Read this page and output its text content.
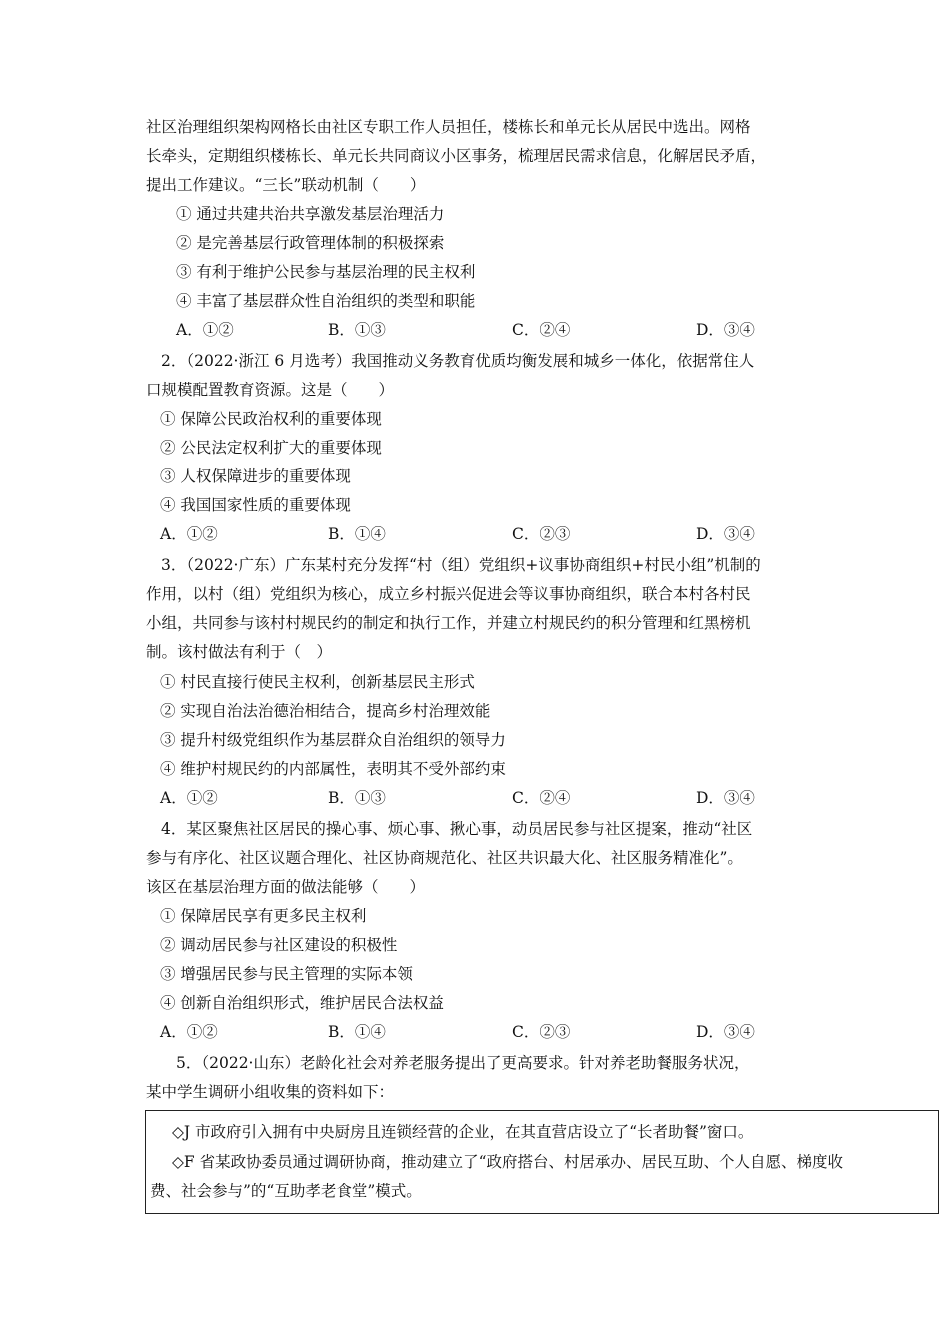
社区治理组织架构网格长由社区专职工作人员担任，楼栋长和单元长从居民中选出。网格
长牵头，定期组织楼栋长、单元长共同商议小区事务，梳理居民需求信息，化解居民矛盾，
提出工作建议。“三长”联动机制（　　）
① 通过共建共治共享激发基层治理活力
② 是完善基层行政管理体制的积极探索
③ 有利于维护公民参与基层治理的民主权利
④ 丰富了基层群众性自治组织的类型和职能
A．①②	B．①③	C．②④	D．③④
2．（2022·浙江 6 月选考）我国推动义务教育优质均衡发展和城乡一体化，依据常住人
口规模配置教育资源。这是（　　）
① 保障公民政治权利的重要体现
② 公民法定权利扩大的重要体现
③ 人权保障进步的重要体现
④ 我国国家性质的重要体现
A．①②	B．①④	C．②③	D．③④
3．（2022·广东）广东某村充分发挥“村（组）党组织+议事协商组织+村民小组”机制的
作用，以村（组）党组织为核心，成立乡村振兴促进会等议事协商组织，联合本村各村民
小组，共同参与该村村规民约的制定和执行工作，并建立村规民约的积分管理和红黑榜机
制。该村做法有利于（　）
① 村民直接行使民主权利，创新基层民主形式
② 实现自治法治德治相结合，提高乡村治理效能
③ 提升村级党组织作为基层群众自治组织的领导力
④ 维护村规民约的内部属性，表明其不受外部约束
A．①②	B．①③	C．②④	D．③④
4．某区聚焦社区居民的操心事、烦心事、揪心事，动员居民参与社区提案，推动“社区
参与有序化、社区议题合理化、社区协商规范化、社区共识最大化、社区服务精准化”。
该区在基层治理方面的做法能够（　　）
① 保障居民享有更多民主权利
② 调动居民参与社区建设的积极性
③ 增强居民参与民主管理的实际本领
④ 创新自治组织形式，维护居民合法权益
A．①②	B．①④	C．②③	D．③④
5．（2022·山东）老龄化社会对养老服务提出了更高要求。针对养老助餐服务状况，
某中学生调研小组收集的资料如下：
◇J 市政府引入拥有中央厨房且连锁经营的企业，在其直营店设立了“长者助餐”窗口。
◇F 省某政协委员通过调研协商，推动建立了“政府搭台、村居承办、居民互助、个人自愿、梯度收
费、社会参与”的“互助孝老食堂”模式。
